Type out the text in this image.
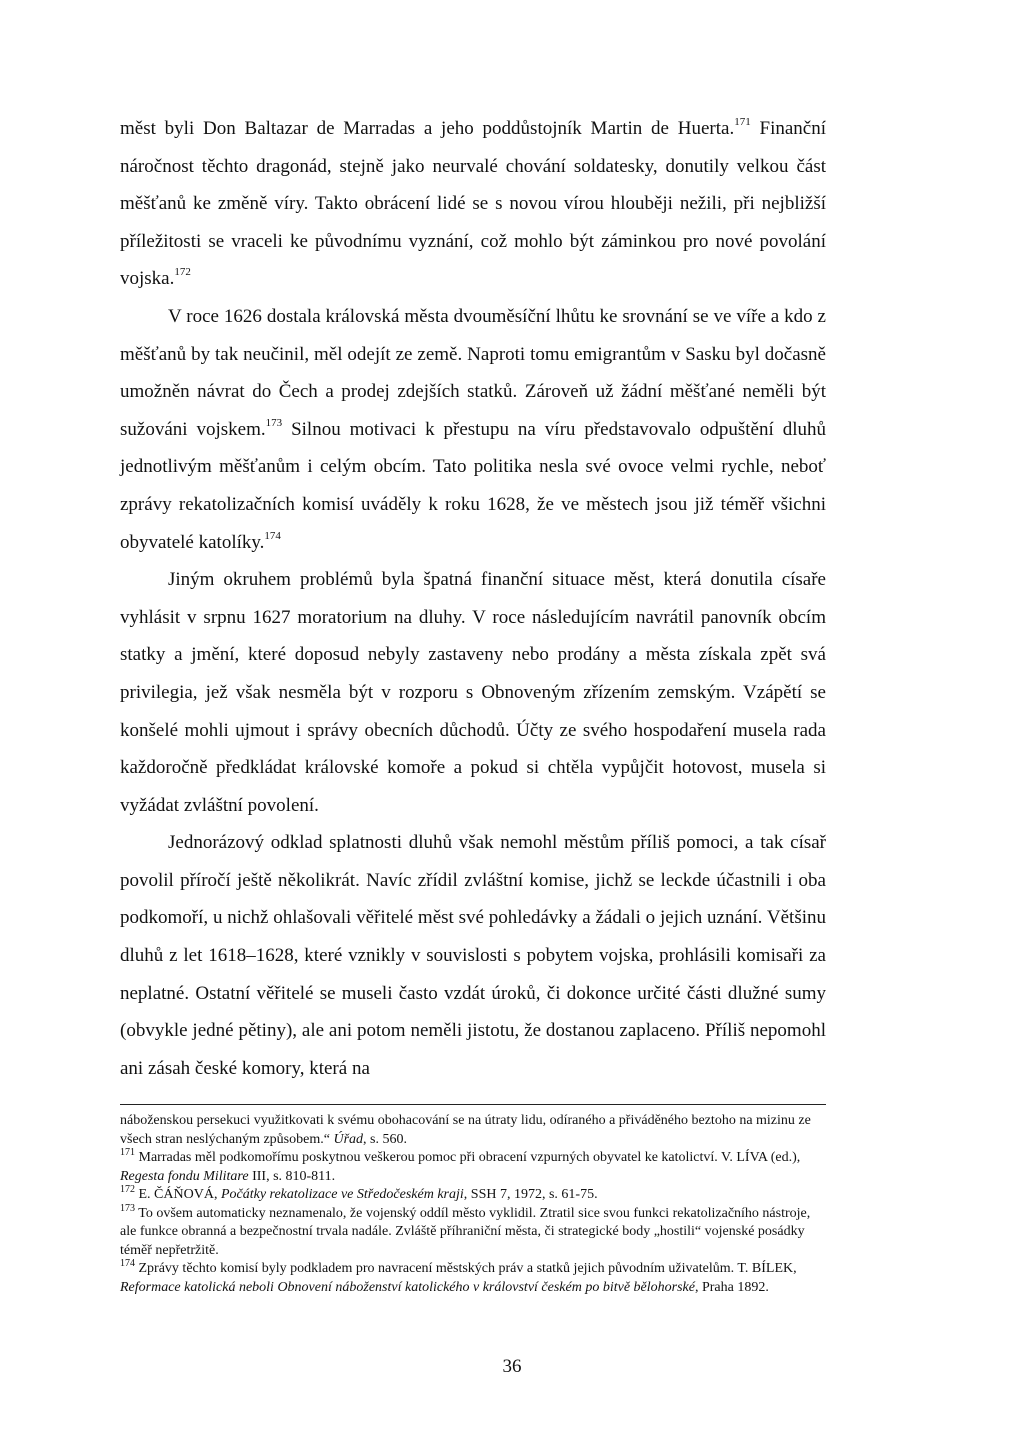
měst byli Don Baltazar de Marradas a jeho poddůstojník Martin de Huerta.$^{171}$ Finanční náročnost těchto dragonád, stejně jako neurvalé chování soldatesky, donutily velkou část měšťanů ke změně víry. Takto obrácení lidé se s novou vírou hlouběji nežili, při nejbližší příležitosti se vraceli ke původnímu vyznání, což mohlo být záminkou pro nové povolání vojska.$^{172}$

V roce 1626 dostala královská města dvouměsíční lhůtu ke srovnání se ve víře a kdo z měšťanů by tak neučinil, měl odejít ze země. Naproti tomu emigrantům v Sasku byl dočasně umožněn návrat do Čech a prodej zdejších statků. Zároveň už žádní měšťané neměli být sužováni vojskem.$^{173}$ Silnou motivaci k přestupu na víru představovalo odpuštění dluhů jednotlivým měšťanům i celým obcím. Tato politika nesla své ovoce velmi rychle, neboť zprávy rekatolizačních komisí uváděly k roku 1628, že ve městech jsou již téměř všichni obyvatelé katolíky.$^{174}$

Jiným okruhem problémů byla špatná finanční situace měst, která donutila císaře vyhlásit v srpnu 1627 moratorium na dluhy. V roce následujícím navrátil panovník obcím statky a jmění, které doposud nebyly zastaveny nebo prodány a města získala zpět svá privilegia, jež však nesměla být v rozporu s Obnoveným zřízením zemským. Vzápětí se konšelé mohli ujmout i správy obecních důchodů. Účty ze svého hospodaření musela rada každoročně předkládat královské komoře a pokud si chtěla vypůjčit hotovost, musela si vyžádat zvláštní povolení.

Jednorázový odklad splatnosti dluhů však nemohl městům příliš pomoci, a tak císař povolil příročí ještě několikrát. Navíc zřídil zvláštní komise, jichž se leckde účastnili i oba podkomoří, u nichž ohlašovali věřitelé měst své pohledávky a žádali o jejich uznání. Většinu dluhů z let 1618–1628, které vznikly v souvislosti s pobytem vojska, prohlásili komisaři za neplatné. Ostatní věřitelé se museli často vzdát úroků, či dokonce určité části dlužné sumy (obvykle jedné pětiny), ale ani potom neměli jistotu, že dostanou zaplaceno. Příliš nepomohl ani zásah české komory, která na

náboženskou persekuci využitkovati k svému obohacování se na útraty lidu, odíraného a přiváděného beztoho na mizinu ze všech stran neslýchaným způsobem.“ Úřad, s. 560.

$^{171}$ Marradas měl podkomořímu poskytnou veškerou pomoc při obracení vzpurných obyvatel ke katolictví. V. LÍVA (ed.), Regesta fondu Militare III, s. 810-811.

$^{172}$ E. ČÁŇOVÁ, Počátky rekatolizace ve Středočeském kraji, SSH 7, 1972, s. 61-75.

$^{173}$ To ovšem automaticky neznamenalo, že vojenský oddíl město vyklidil. Ztratil sice svou funkci rekatolizačního nástroje, ale funkce obranná a bezpečnostní trvala nadále. Zvláště příhraniční města, či strategické body „hostili“ vojenské posádky téměř nepřetržitě.

$^{174}$ Zprávy těchto komisí byly podkladem pro navracení městských práv a statků jejich původním uživatelům. T. BÍLEK, Reformace katolická neboli Obnovení náboženství katolického v království českém po bitvě bělohorské, Praha 1892.

36
